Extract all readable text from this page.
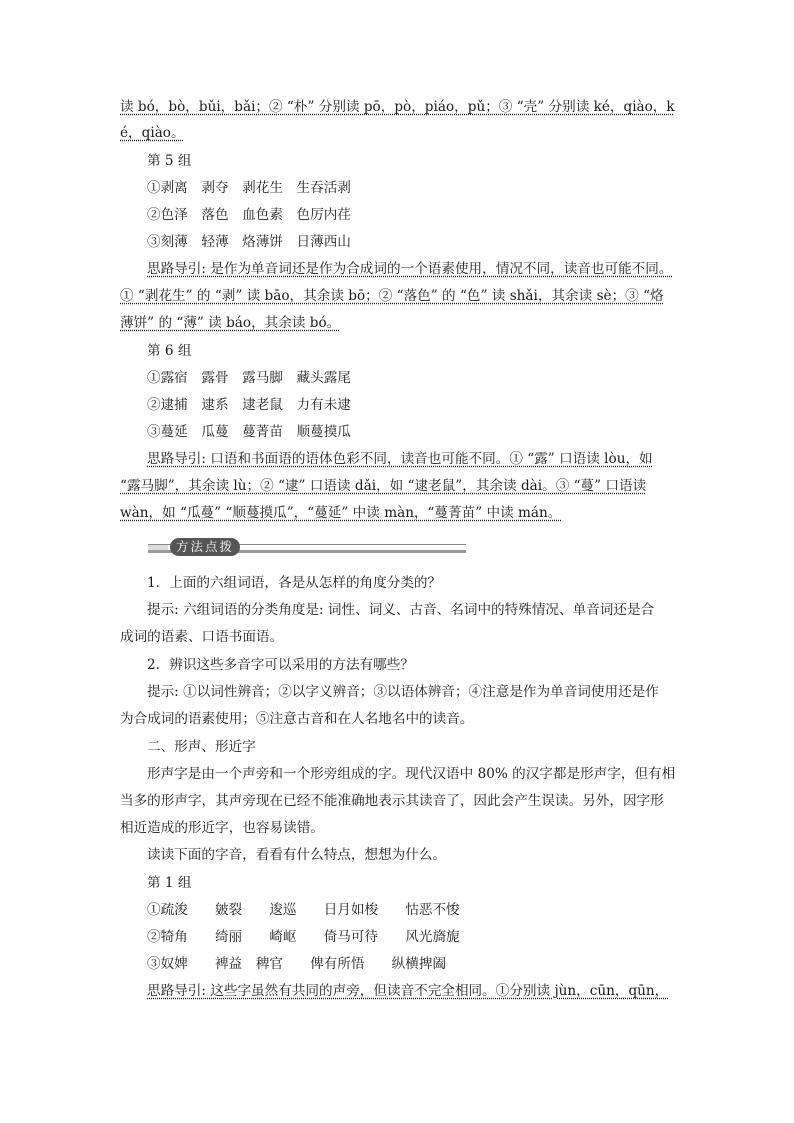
读 bó，bò，bǔi，bǎi；② “朴” 分别读 pō，pò，piáo，pǔ；③ “壳” 分别读 ké，qiào，k
é，qiào。
第 5 组
①剥离　剥夺　剥花生　生吞活剥
②色泽　落色　血色素　色厉内荏
③刻薄　轻薄　烙薄饼　日薄西山
思路导引: 是作为单音词还是作为合成词的一个语素使用，情况不同，读音也可能不同。
① “剥花生” 的 “剥” 读 bāo，其余读 bō；② “落色” 的 “色” 读 shǎi，其余读 sè；③ “烙
薄饼” 的 “薄” 读 báo，其余读 bó。
第 6 组
①露宿　露骨　露马脚　藏头露尾
②逮捕　逮系　逮老鼠　力有未逮
③蔓延　瓜蔓　蔓菁苗　顺蔓摸瓜
思路导引: 口语和书面语的语体色彩不同，读音也可能不同。① “露” 口语读 lòu，如
“露马脚”，其余读 lù；② “逮” 口语读 dǎi，如 “逮老鼠”，其余读 dài。③ “蔓” 口语读
wàn，如 “瓜蔓” “顺蔓摸瓜”，“蔓延” 中读 màn，“蔓菁苗” 中读 mán。
方法点拨
1．上面的六组词语，各是从怎样的角度分类的？
提示: 六组词语的分类角度是: 词性、词义、古音、名词中的特殊情况、单音词还是合
成词的语素、口语书面语。
2．辨识这些多音字可以采用的方法有哪些？
提示: ①以词性辨音；②以字义辨音；③以语体辨音；④注意是作为单音词使用还是作
为合成词的语素使用；⑤注意古音和在人名地名中的读音。
二、形声、形近字
形声字是由一个声旁和一个形旁组成的字。现代汉语中 80% 的汉字都是形声字，但有相
当多的形声字，其声旁现在已经不能准确地表示其读音了，因此会产生误读。另外，因字形
相近造成的形近字，也容易读错。
读读下面的字音，看看有什么特点，想想为什么。
第 1 组
①疏浚　　皴裂　　逡巡　　日月如梭　　怙恶不悛
②犄角　　绮丽　　崎岖　　倚马可待　　风光旖旎
③奴婢　　裨益　稗官　　俾有所悟　　纵横捭阖
思路导引: 这些字虽然有共同的声旁，但读音不完全相同。①分别读 jùn，cūn，qūn，
